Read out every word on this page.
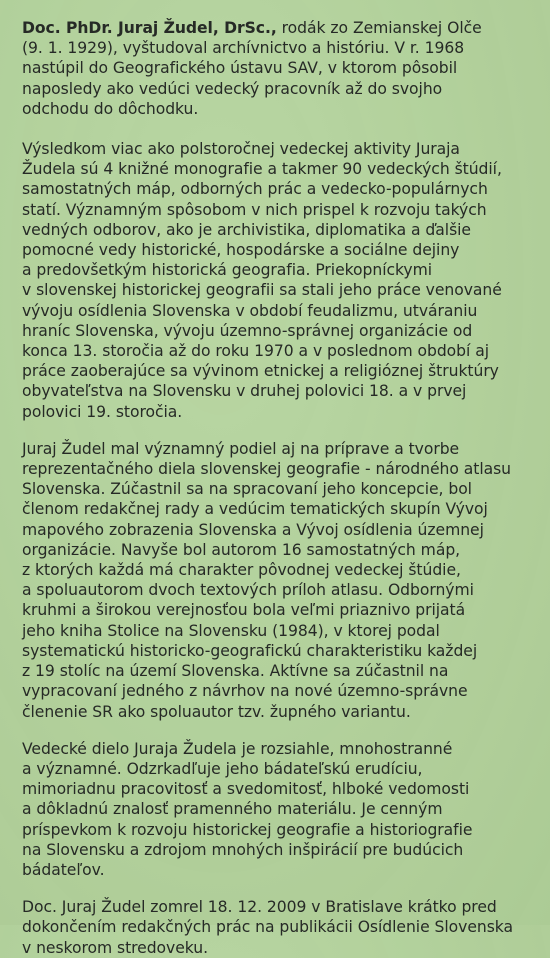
Doc. PhDr. Juraj Žudel, DrSc., rodák zo Zemianskej Olče
(9. 1. 1929), vyštudoval archívnictvo a históriu. V r. 1968
nastúpil do Geografického ústavu SAV, v ktorom pôsobil
naposledy ako vedúci vedecký pracovník až do svojho
odchodu do dôchodku.

Výsledkom viac ako polstoročnej vedeckej aktivity Juraja
Žudela sú 4 knižné monografie a takmer 90 vedeckých štúdií,
samostatných máp, odborných prác a vedecko-populárnych
statí. Významným spôsobom v nich prispel k rozvoju takých
vedných odborov, ako je archivistika, diplomatika a ďalšie
pomocné vedy historické, hospodárske a sociálne dejiny
a predovšetkým historická geografia. Priekopníckymi
v slovenskej historickej geografii sa stali jeho práce venované
vývoju osídlenia Slovenska v období feudalizmu, utváraniu
hraníc Slovenska, vývoju územno-správnej organizácie od
konca 13. storočia až do roku 1970 a v poslednom období aj
práce zaoberajúce sa vývinom etnickej a religióznej štruktúry
obyvateľstva na Slovensku v druhej polovici 18. a v prvej
polovici 19. storočia.

Juraj Žudel mal významný podiel aj na príprave a tvorbe
reprezentačného diela slovenskej geografie - národného atlasu
Slovenska. Zúčastnil sa na spracovaní jeho koncepcie, bol
členom redakčnej rady a vedúcim tematických skupín Vývoj
mapového zobrazenia Slovenska a Vývoj osídlenia územnej
organizácie. Navyše bol autorom 16 samostatných máp,
z ktorých každá má charakter pôvodnej vedeckej štúdie,
a spoluautorom dvoch textových príloh atlasu. Odbornými
kruhmi a širokou verejnosťou bola veľmi priaznivo prijatá
jeho kniha Stolice na Slovensku (1984), v ktorej podal
systematickú historicko-geografickú charakteristiku každej
z 19 stolíc na území Slovenska. Aktívne sa zúčastnil na
vypracovaní jedného z návrhov na nové územno-správne
členenie SR ako spoluautor tzv. župného variantu.

Vedecké dielo Juraja Žudela je rozsiahle, mnohostranné
a významné. Odzrkadľuje jeho bádateľskú erudíciu,
mimoriadnu pracovitosť a svedomitosť, hlboké vedomosti
a dôkladnú znalosť pramenného materiálu. Je cenným
príspevkom k rozvoju historickej geografie a historiografie
na Slovensku a zdrojom mnohých inšpirácií pre budúcich
bádateľov.

Doc. Juraj Žudel zomrel 18. 12. 2009 v Bratislave krátko pred
dokončením redakčných prác na publikácii Osídlenie Slovenska
v neskorom stredoveku.
